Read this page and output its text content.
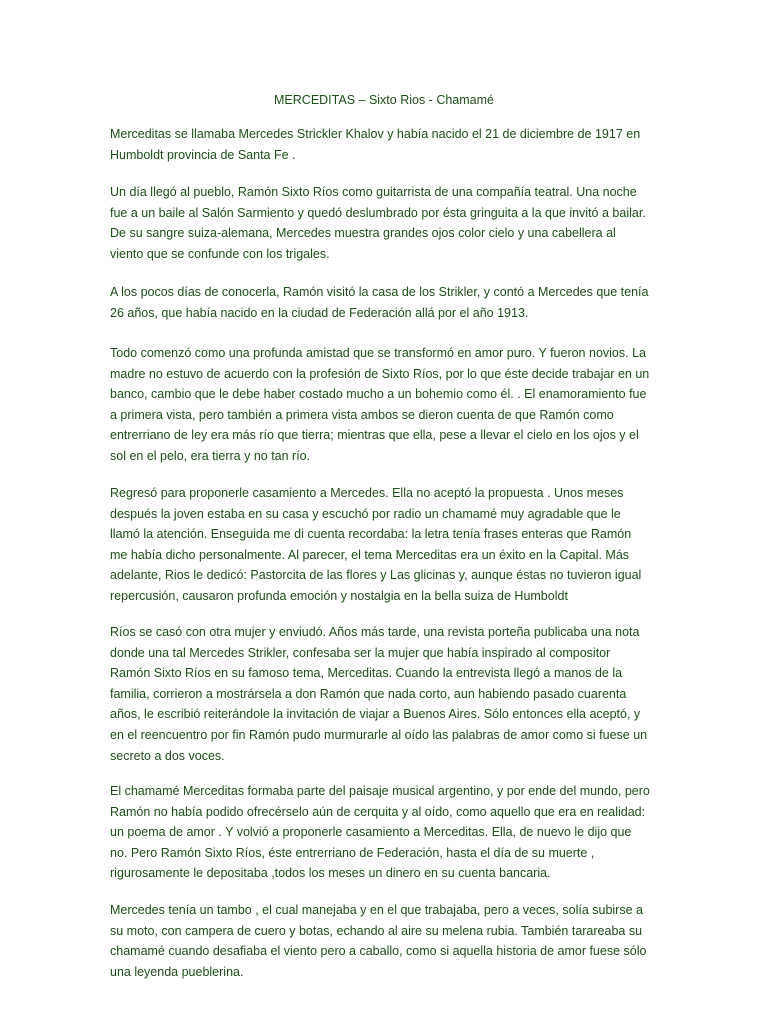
MERCEDITAS – Sixto Rios - Chamamé

Merceditas se llamaba Mercedes Strickler Khalov y había nacido el 21 de diciembre de 1917 en Humboldt provincia de Santa Fe .

Un día llegó al pueblo, Ramón Sixto Ríos como guitarrista de una compañía teatral. Una noche fue a un baile al Salón Sarmiento y quedó deslumbrado por ésta gringuita a la que invitó a bailar. De su sangre suiza-alemana, Mercedes muestra grandes ojos color cielo y una cabellera al viento que se confunde con los trigales.

A los pocos días de conocerla, Ramón visitó la casa de los Strikler, y contó a Mercedes que tenía 26 años, que había nacido en la ciudad de Federación allá por el año 1913.

Todo comenzó como una profunda amistad que se transformó en amor puro. Y fueron novios. La madre no estuvo de acuerdo con la profesión de Sixto Ríos, por lo que éste decide trabajar en un banco, cambio que le debe haber costado mucho a un bohemio como él. . El enamoramiento fue a primera vista, pero también a primera vista ambos se dieron cuenta de que Ramón como entrerriano de ley era más río que tierra; mientras que ella, pese a llevar el cielo en los ojos y el sol en el pelo, era tierra y no tan río.

Regresó para proponerle casamiento a Mercedes. Ella no aceptó la propuesta . Unos meses después la joven estaba en su casa y escuchó por radio un chamamé muy agradable que le llamó la atención. Enseguida me di cuenta recordaba: la letra tenía frases enteras que Ramón me había dicho personalmente. Al parecer, el tema Merceditas era un éxito en la Capital. Más adelante, Rios le dedicó: Pastorcita de las flores y Las glicinas y, aunque éstas no tuvieron igual repercusión, causaron profunda emoción y nostalgia en la bella suiza de Humboldt

Ríos se casó con otra mujer y enviudó. Años más tarde, una revista porteña publicaba una nota donde una tal Mercedes Strikler, confesaba ser la mujer que había inspirado al compositor Ramón Sixto Ríos en su famoso tema, Merceditas. Cuando la entrevista llegó a manos de la familia, corrieron a mostrársela a don Ramón que nada corto, aun habiendo pasado cuarenta años, le escribió reiterándole la invitación de viajar a Buenos Aires. Sólo entonces ella aceptó, y en el reencuentro por fin Ramón pudo murmurarle al oído las palabras de amor como si fuese un secreto a dos voces.

El chamamé Merceditas formaba parte del paisaje musical argentino, y por ende del mundo, pero Ramón no había podido ofrecérselo aún de cerquita y al oído, como aquello que era en realidad: un poema de amor . Y volvió a proponerle casamiento a Merceditas. Ella, de nuevo le dijo que no. Pero Ramón Sixto Ríos, éste entrerriano de Federación, hasta el día de su muerte , rigurosamente le depositaba ,todos los meses un dinero en su cuenta bancaria.

Mercedes tenía un tambo , el cual manejaba y en el que trabajaba, pero a veces, solía subirse a su moto, con campera de cuero y botas, echando al aire su melena rubia. También tarareaba su chamamé cuando desafiaba el viento pero a caballo, como si aquella historia de amor fuese sólo una leyenda pueblerina.
